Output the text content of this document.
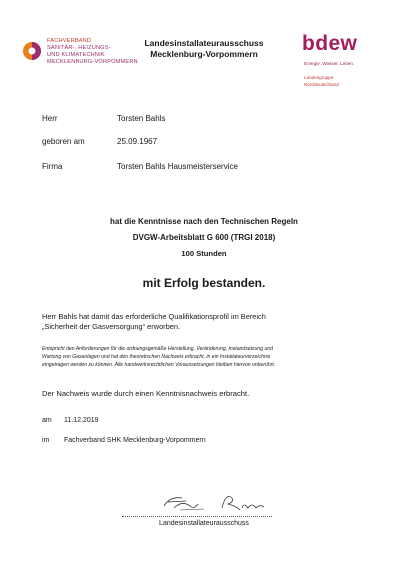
FACHVERBAND
SANITÄR-, HEIZUNGS-
UND KLIMATECHNIK
MECKLENBURG-VORPOMMERN
Landesinstallateurausschuss
Mecklenburg-Vorpommern	bdew
Energie. Wasser. Leben.
Landesgruppe
Norddeutschland
Herr	Torsten Bahls
geboren am	25.09.1967
Firma	Torsten Bahls Hausmeisterservice
hat die Kenntnisse nach den Technischen Regeln
DVGW-Arbeitsblatt G 600 (TRGI 2018)
100 Stunden
mit Erfolg bestanden.
Herr Bahls hat damit das erforderliche Qualifikationsprofil im Bereich
„Sicherheit der Gasversorgung“ erworben.
Entspricht den Anforderungen für die ordnungsgemäße Herstellung, Veränderung, Instandsetzung und
Wartung von Gasanlagen und hat den theoretischen Nachweis erbracht, in ein Installateurverzeichnis
eingetragen werden zu können. Alle handwerksrechtlichen Voraussetzungen bleiben hiervon unberührt.
Der Nachweis wurde durch einen Kenntnisnachweis erbracht.
am 11.12.2019
im Fachverband SHK Mecklenburg-Vorpommern
Landesinstallateurausschuss
